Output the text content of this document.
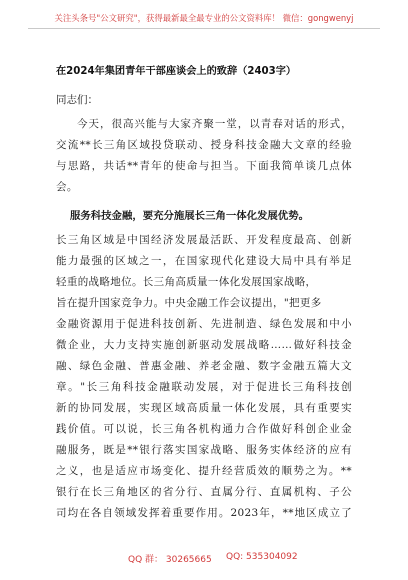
关注头条号"公文研究"，获得最新最全最专业的公文资料库！ 微信：gongwenyj
在2024年集团青年干部座谈会上的致辞（2403字）
同志们：
今天，很高兴能与大家齐聚一堂，以青春对话的形式，
交流**长三角区域投贷联动、授身科技金融大文章的经验
与思路，共话**青年的使命与担当。下面我简单谈几点体
会。
服务科技金融，要充分施展长三角一体化发展优势。
长三角区域是中国经济发展最活跃、开发程度最高、创新
能力最强的区域之一，在国家现代化建设大局中具有举足
轻重的战略地位。长三角高质量一体化发展国家战略，
旨在提升国家竞争力。中央金融工作会议提出，"把更多
金融资源用于促进科技创新、先进制造、绿色发展和中小
微企业，大力支持实施创新驱动发展战略……做好科技金
融、绿色金融、普惠金融、养老金融、数字金融五篇大文
章。"长三角科技金融联动发展，对于促进长三角科技创
新的协同发展，实现区域高质量一体化发展，具有重要实
践价值。可以说，长三角各机构通力合作做好科创企业金
融服务，既是**银行落实国家战略、服务实体经济的应有
之义，也是适应市场变化、提升经营质效的顺势之为。**
银行在长三角地区的省分行、直属分行、直属机构、子公
司均在各自领域发挥着重要作用。2023年，**地区成立了
QQ 群： 30265665 QQ: 535304092
